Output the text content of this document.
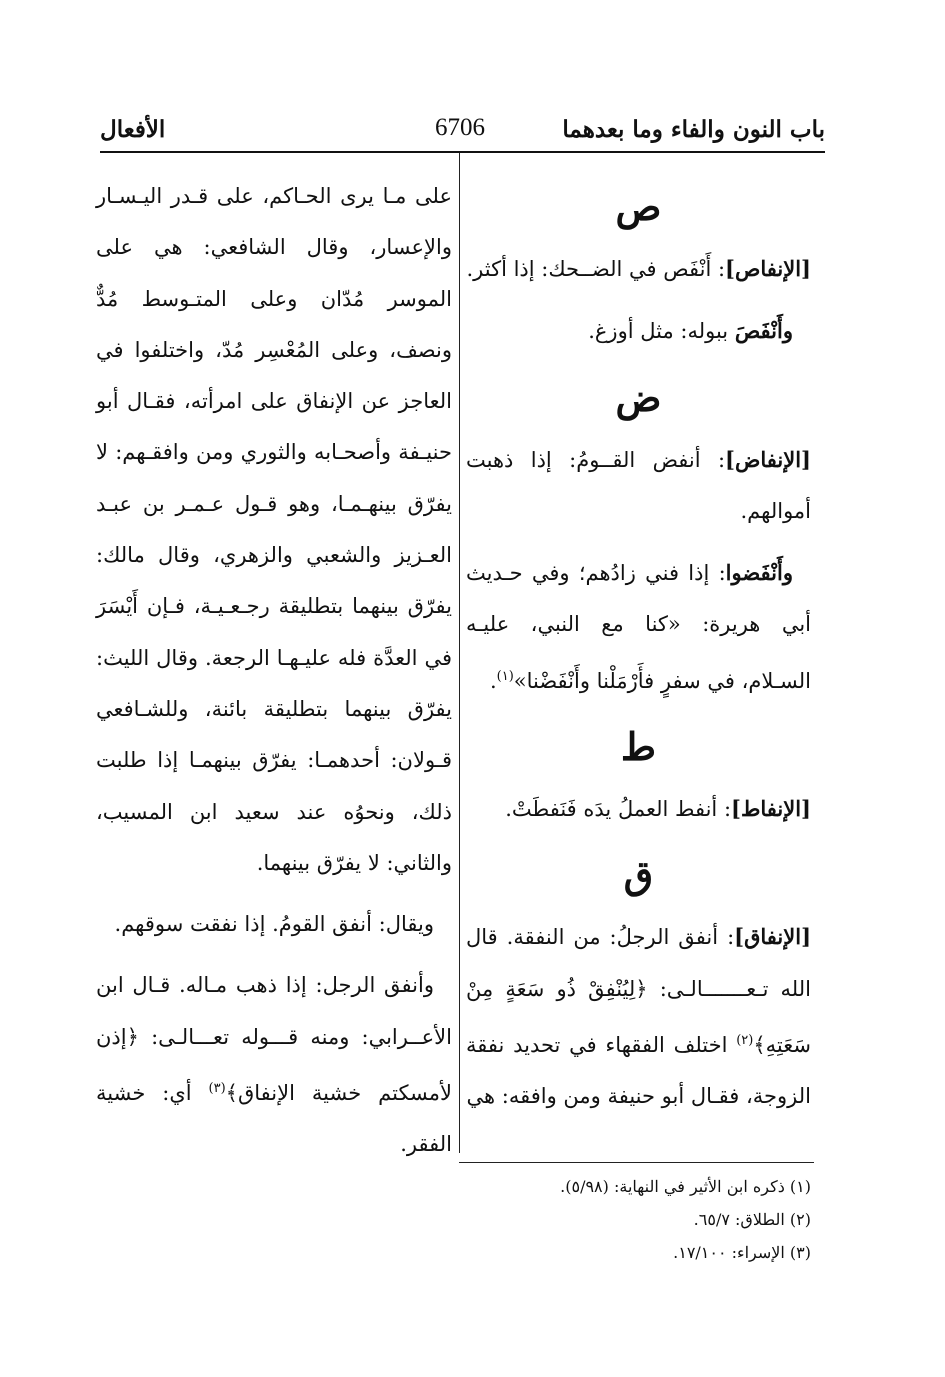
باب النون والفاء وما بعدهما
6706
الأفعال
ص

[الإنفاص]: أَنْفَص في الضــحك: إذا أكثر.

وأَنْفَصَ ببوله: مثل أوزغ.

ض

[الإنفاض]: أنفض القــومُ: إذا ذهبت أموالهم.

وأَنْفَضوا: إذا فني زادُهم؛ وفي حـديث أبي هريرة: «كنا مع النبي، عليـه السـلام، في سفرٍ فأَرْمَلْنا وأَنْفَضْنا»$^{(١)}$.

ط

[الإنفاط]: أنفط العملُ يدَه فَنَفطَتْ.

ق

[الإنفاق]: أنفق الرجلُ: من النفقة. قال الله تـعـــــــالـى: ﴿لِيُنْفِقْ ذُو سَعَةٍ مِنْ سَعَتِهِ﴾$^{(٢)}$ اختلف الفقهاء في تحديد نفقة الزوجة، فقـال أبو حنيفة ومن وافقه: هي

على مـا يرى الحـاكم، على قـدر اليـسـار والإعسار، وقال الشافعي: هي على الموسر مُدّان وعلى المتـوسط مُدٌّ ونصف، وعلى المُعْسِر مُدّ، واختلفوا في العاجز عن الإنفاق على امرأته، فقـال أبو حنيـفة وأصحـابه والثوري ومن وافقـهم: لا يفرّق بينهـمـا، وهو قـول عـمـر بن عبـد العـزيز والشعبي والزهري، وقال مالك: يفرّق بينهما بتطليقة رجـعـيـة، فـإن أَيْسَرَ في العدَّة فله عليـهـا الرجعة. وقال الليث: يفرّق بينهما بتطليقة بائنة، وللشـافعي قـولان: أحدهمـا: يفرّق بينهمـا إذا طلبت ذلك، ونحوُه عند سعيد ابن المسيب، والثاني: لا يفرّق بينهما.

ويقال: أنفق القومُ. إذا نفقت سوقهم.

وأنفق الرجل: إذا ذهب مـاله. قـال ابن الأعــرابي: ومنه قـــوله تعـــالـى: ﴿إذن لأمسكتم خشية الإنفاق﴾$^{(٣)}$ أي: خشية الفقر.

(١) ذكره ابن الأثير في النهاية: (٥/٩٨).
(٢) الطلاق: ٦٥/٧.
(٣) الإسراء: ١٧/١٠٠.
